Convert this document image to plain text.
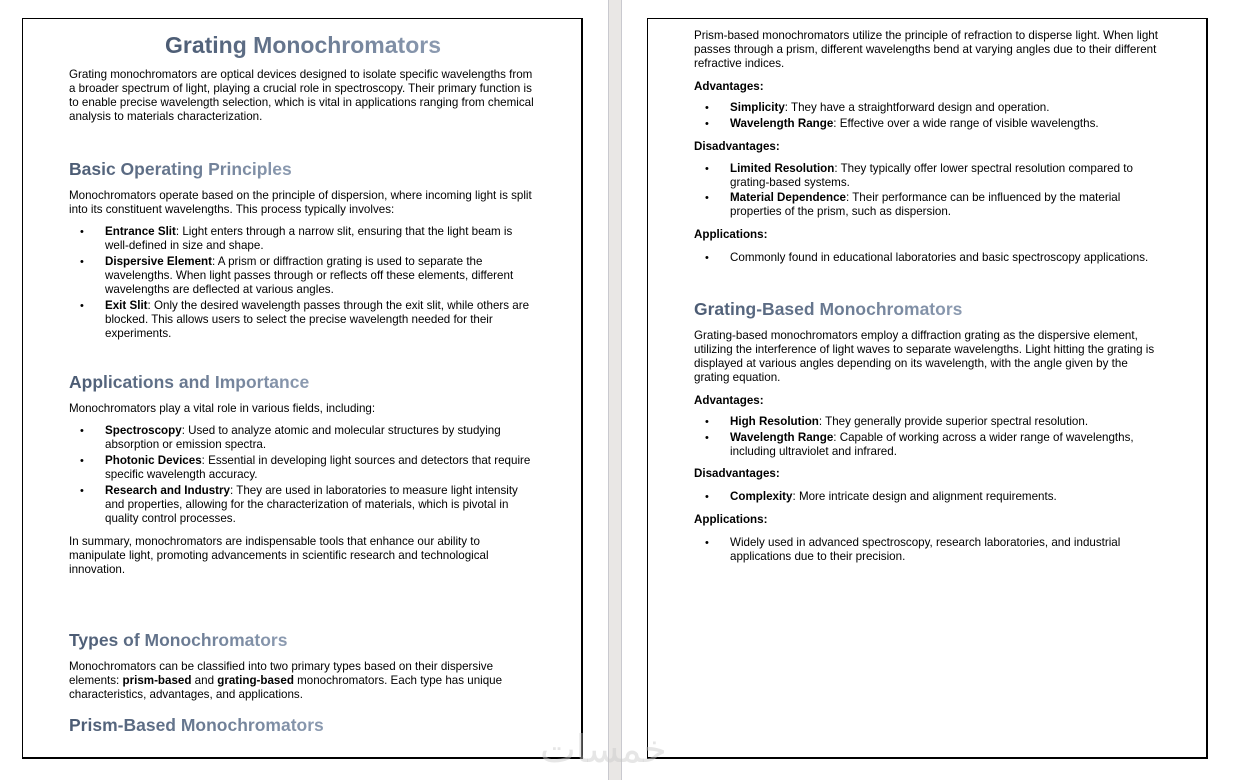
Grating Monochromators

Grating monochromators are optical devices designed to isolate specific wavelengths from a broader spectrum of light, playing a crucial role in spectroscopy. Their primary function is to enable precise wavelength selection, which is vital in applications ranging from chemical analysis to materials characterization.

Basic Operating Principles

Monochromators operate based on the principle of dispersion, where incoming light is split into its constituent wavelengths. This process typically involves:

• Entrance Slit: Light enters through a narrow slit, ensuring that the light beam is well-defined in size and shape.
• Dispersive Element: A prism or diffraction grating is used to separate the wavelengths. When light passes through or reflects off these elements, different wavelengths are deflected at various angles.
• Exit Slit: Only the desired wavelength passes through the exit slit, while others are blocked. This allows users to select the precise wavelength needed for their experiments.
Applications and Importance

Monochromators play a vital role in various fields, including:

• Spectroscopy: Used to analyze atomic and molecular structures by studying absorption or emission spectra.
• Photonic Devices: Essential in developing light sources and detectors that require specific wavelength accuracy.
• Research and Industry: They are used in laboratories to measure light intensity and properties, allowing for the characterization of materials, which is pivotal in quality control processes.

In summary, monochromators are indispensable tools that enhance our ability to manipulate light, promoting advancements in scientific research and technological innovation.

Types of Monochromators

Monochromators can be classified into two primary types based on their dispersive elements: prism-based and grating-based monochromators. Each type has unique characteristics, advantages, and applications.

Prism-Based Monochromators

Prism-based monochromators utilize the principle of refraction to disperse light. When light passes through a prism, different wavelengths bend at varying angles due to their different refractive indices.

Advantages:

• Simplicity: They have a straightforward design and operation.
• Wavelength Range: Effective over a wide range of visible wavelengths.

Disadvantages:

• Limited Resolution: They typically offer lower spectral resolution compared to grating-based systems.
• Material Dependence: Their performance can be influenced by the material properties of the prism, such as dispersion.

Applications:

• Commonly found in educational laboratories and basic spectroscopy applications.
Grating-Based Monochromators

Grating-based monochromators employ a diffraction grating as the dispersive element, utilizing the interference of light waves to separate wavelengths. Light hitting the grating is displayed at various angles depending on its wavelength, with the angle given by the grating equation.

Advantages:

• High Resolution: They generally provide superior spectral resolution.
• Wavelength Range: Capable of working across a wider range of wavelengths, including ultraviolet and infrared.

Disadvantages:

• Complexity: More intricate design and alignment requirements.

Applications:

• Widely used in advanced spectroscopy, research laboratories, and industrial applications due to their precision.
خمسات
